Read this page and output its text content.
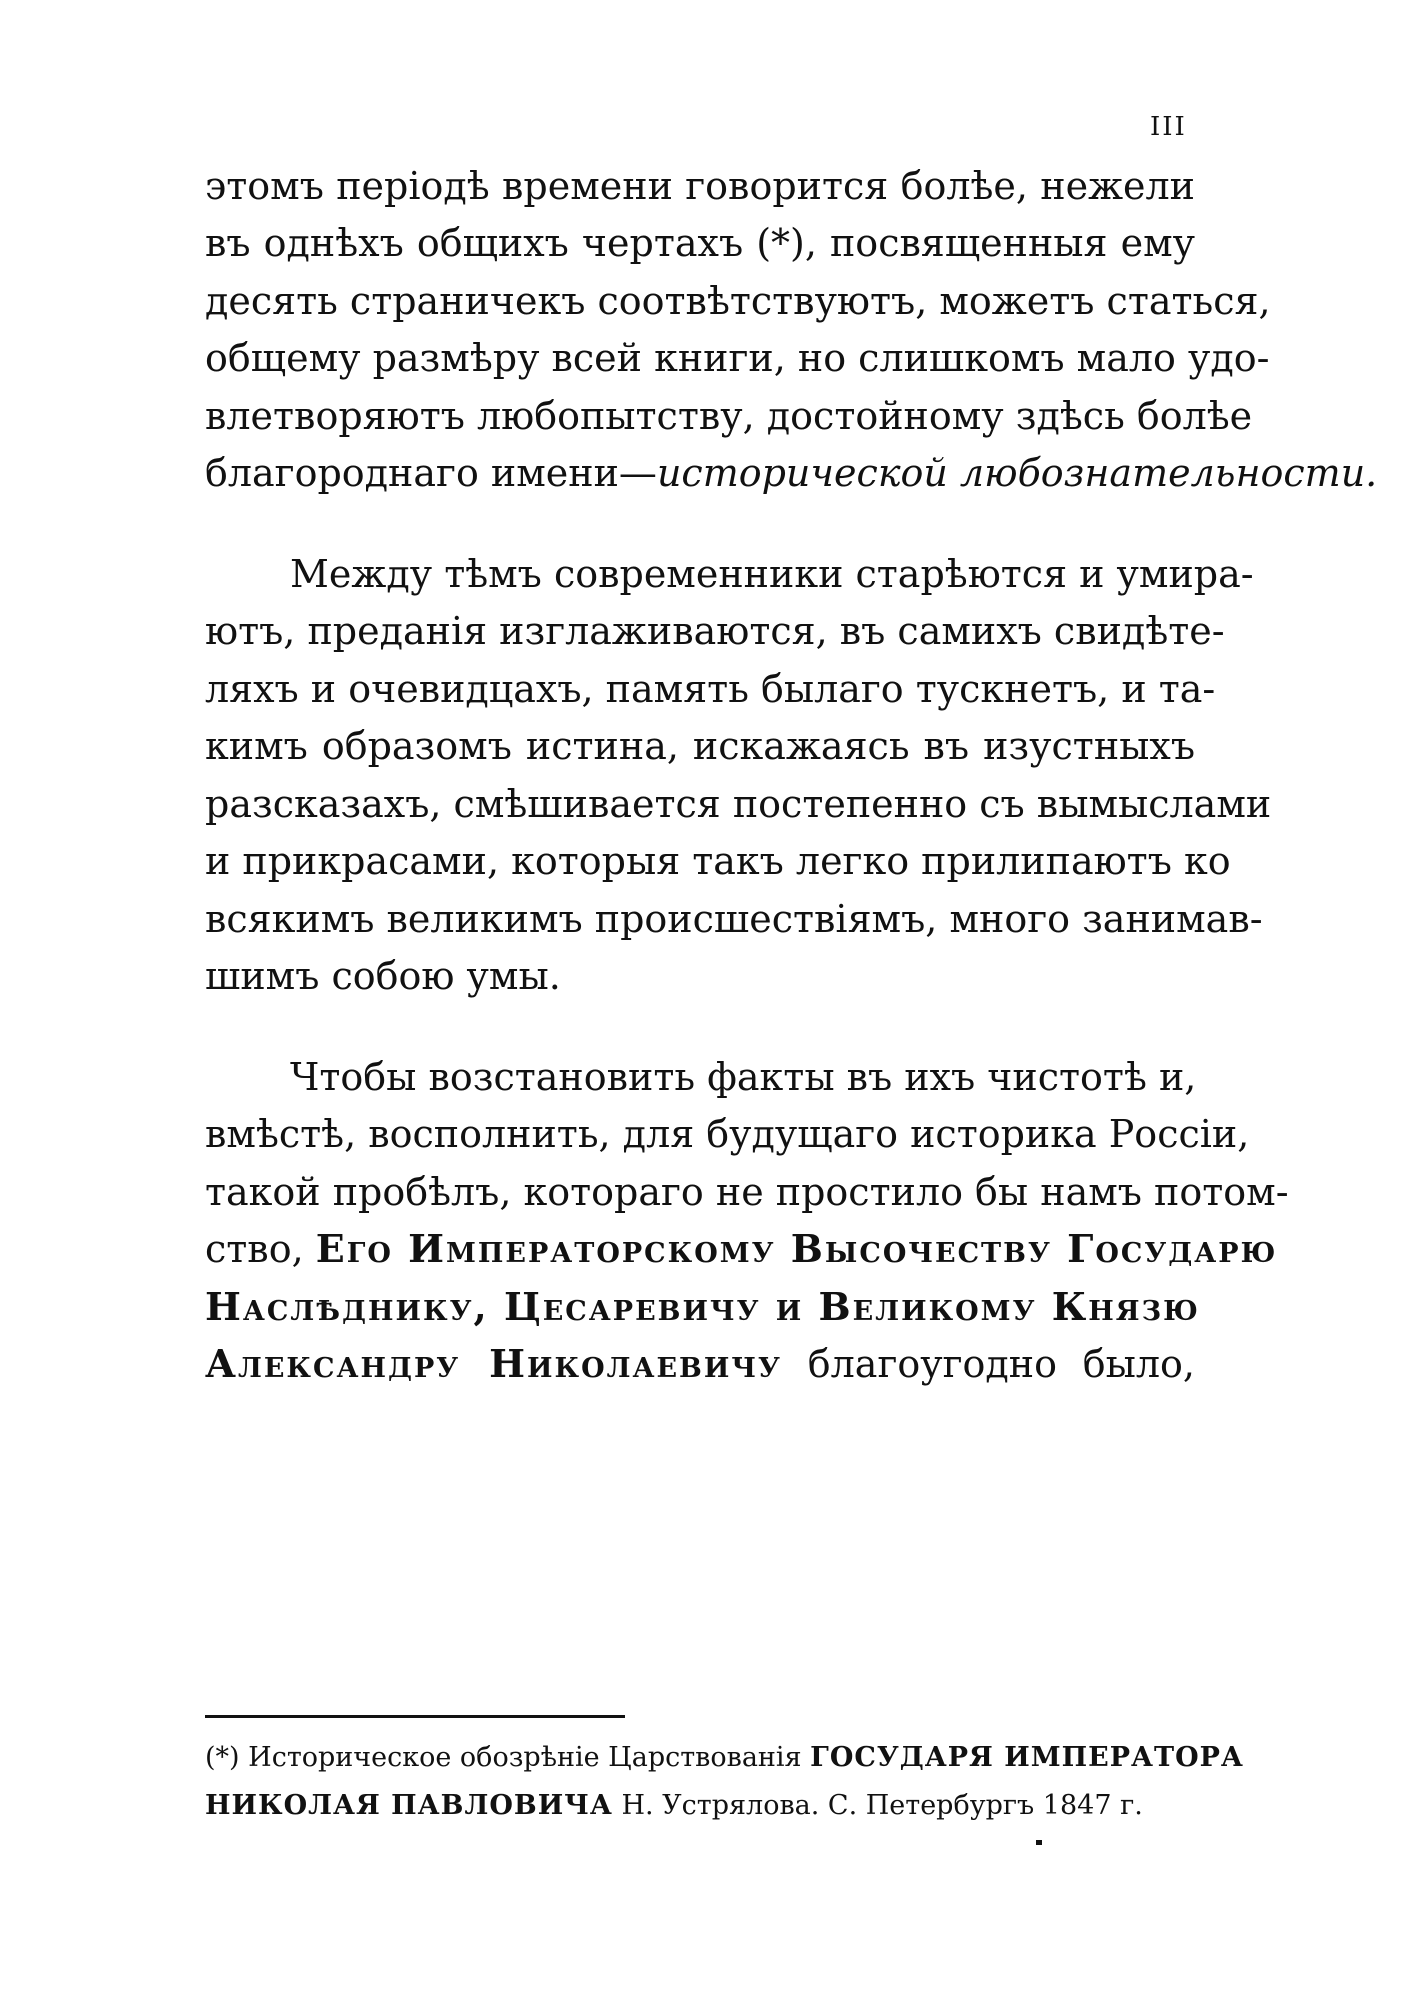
III
этомъ періодѣ времени говорится болѣе, нежели
въ однѣхъ общихъ чертахъ (*), посвященныя ему
десять страничекъ соотвѣтствуютъ, можетъ статься,
общему размѣру всей книги, но слишкомъ мало удо-
влетворяютъ любопытству, достойному здѣсь болѣе
благороднаго имени—исторической любознательности.
Между тѣмъ современники старѣются и умира-
ютъ, преданія изглаживаются, въ самихъ свидѣте-
ляхъ и очевидцахъ, память былаго тускнетъ, и та-
кимъ образомъ истина, искажаясь въ изустныхъ
разсказахъ, смѣшивается постепенно съ вымыслами
и прикрасами, которыя такъ легко прилипаютъ ко
всякимъ великимъ происшествіямъ, много занимав-
шимъ собою умы.
Чтобы возстановить факты въ ихъ чистотѣ и,
вмѣстѣ, восполнить, для будущаго историка Россіи,
такой пробѣлъ, котораго не простило бы намъ потом-
ство, Его Императорскому Высочеству Государю
Наслѣднику, Цесаревичу и Великому Князю
Александру Николаевичу благоугодно было,
(*) Историческое обозрѣніе Царствованія ГОСУДАРЯ ИМПЕРАТОРА
НИКОЛАЯ ПАВЛОВИЧА Н. Устрялова. С. Петербургъ 1847 г.
